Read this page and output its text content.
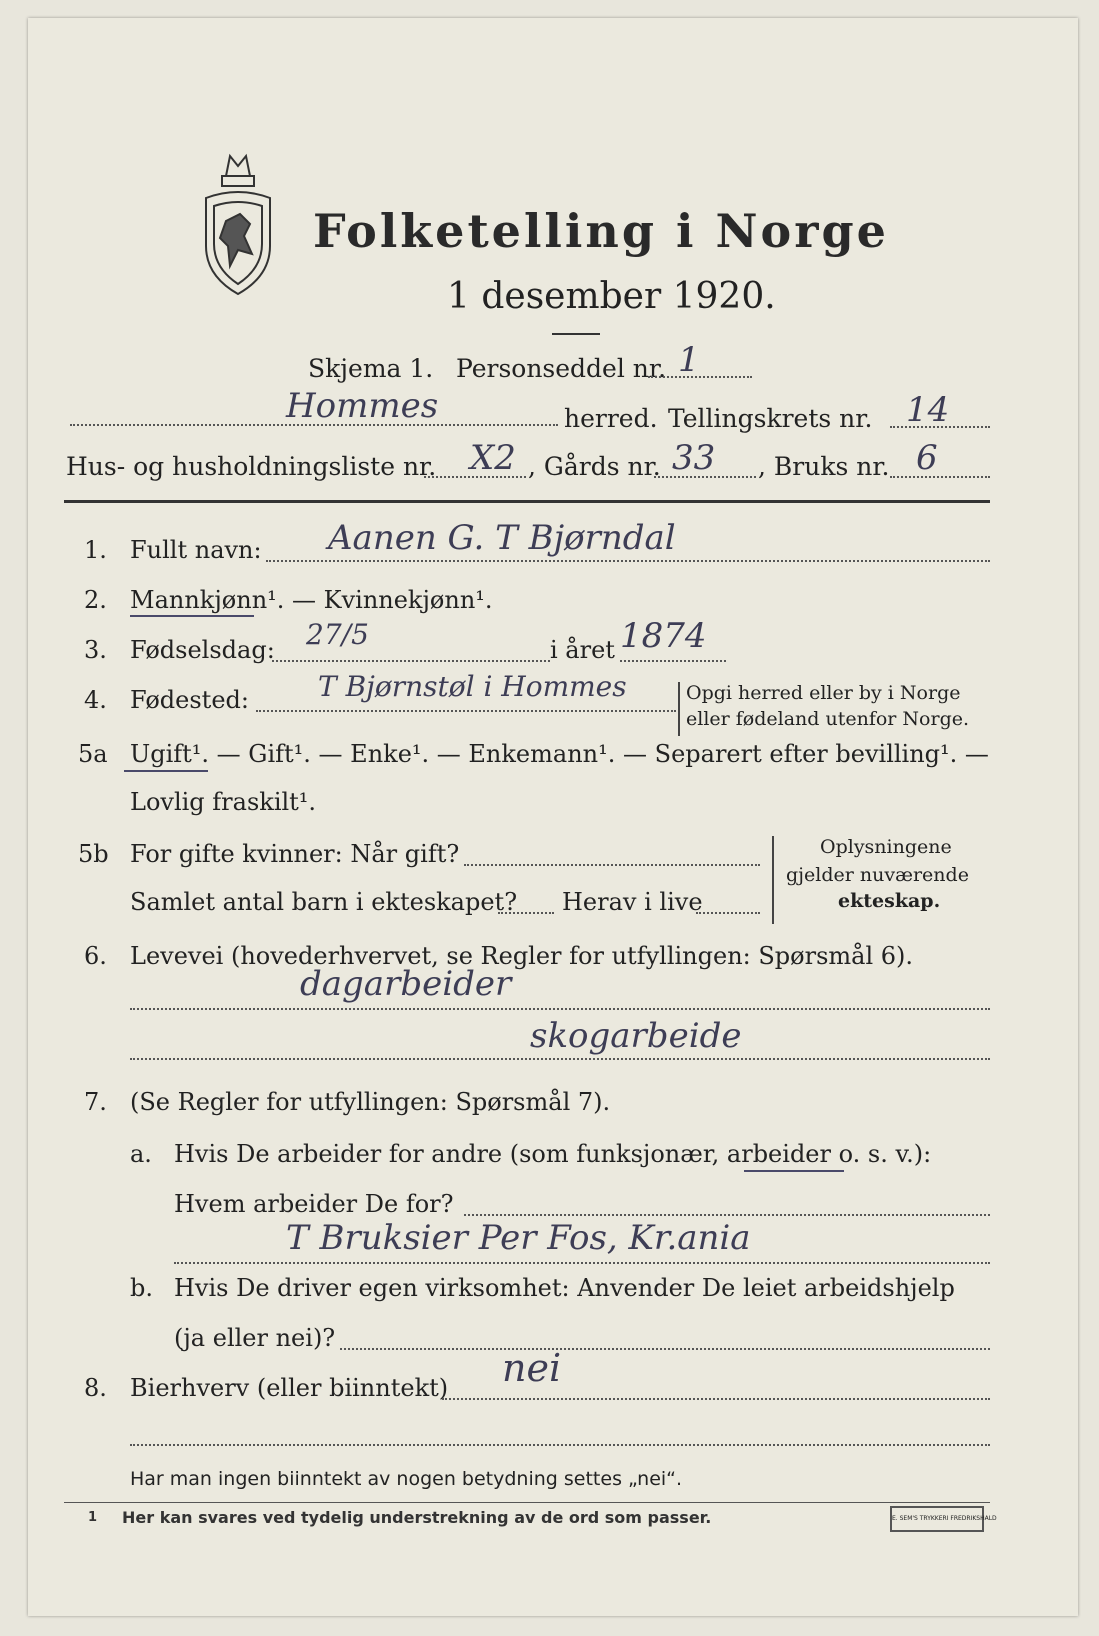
Folketelling i Norge
1 desember 1920.
Skjema 1. Personseddel nr. 1
Hommes	herred. Tellingskrets nr. 14
Hus- og husholdningsliste nr. X2 , Gårds nr. 33 , Bruks nr. 6
1. Fullt navn: Aanen G. T Bjørndal
2. Mannkjønn¹. — Kvinnekjønn¹.
3. Fødselsdag: 27/5	i året 1874
4. Fødested: T Bjørnstøl i Hommes	Opgi herred eller by i Norge
eller fødeland utenfor Norge.
5a Ugift¹. — Gift¹. — Enke¹. — Enkemann¹. — Separert efter bevilling¹. —
Lovlig fraskilt¹.
5b For gifte kvinner: Når gift?
Samlet antal barn i ekteskapet? Herav i live
Oplysningene
gjelder nuværende
ekteskap.
6. Levevei (hovederhvervet, se Regler for utfyllingen: Spørsmål 6).
dagarbeider
skogarbeide
7. (Se Regler for utfyllingen: Spørsmål 7).
a. Hvis De arbeider for andre (som funksjonær, arbeider o. s. v.):
Hvem arbeider De for?
T Bruksier Per Fos, Kr.ania
b. Hvis De driver egen virksomhet: Anvender De leiet arbeidshjelp
(ja eller nei)?
8. Bierhverv (eller biinntekt) nei
Har man ingen biinntekt av nogen betydning settes „nei“.
1 Her kan svares ved tydelig understrekning av de ord som passer.	E. SEM'S TRYKKERI FREDRIKSHALD
